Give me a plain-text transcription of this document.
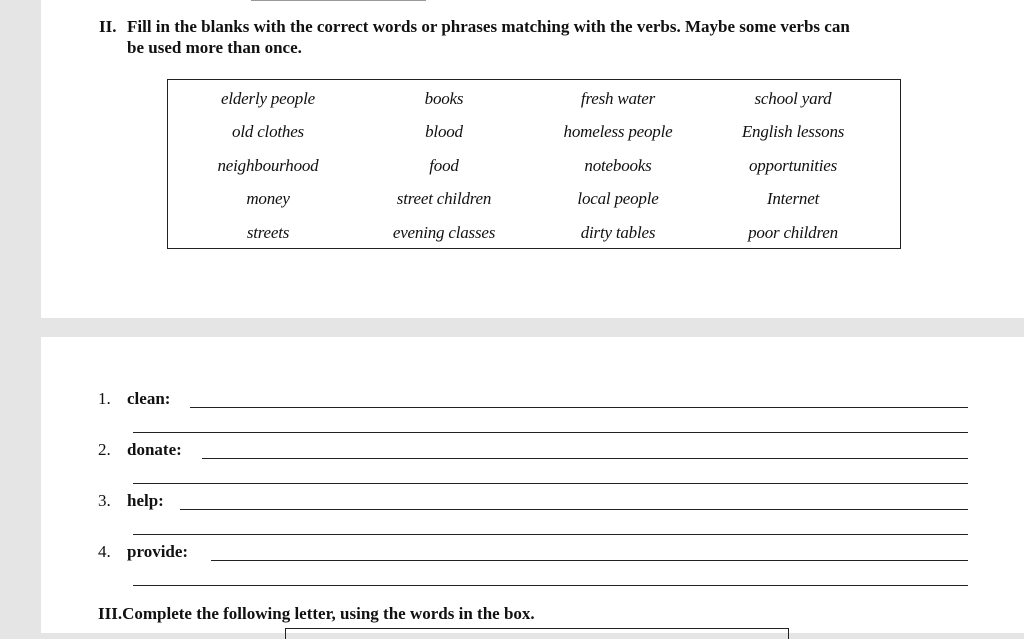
II. Fill in the blanks with the correct words or phrases matching with the verbs. Maybe some verbs can
be used more than once.
elderly people	books	fresh water	school yard
old clothes	blood	homeless people	English lessons
neighbourhood	food	notebooks	opportunities
money	street children	local people	Internet
streets	evening classes	dirty tables	poor children
1. clean:
2. donate:
3. help:
4. provide:
III.Complete the following letter, using the words in the box.
